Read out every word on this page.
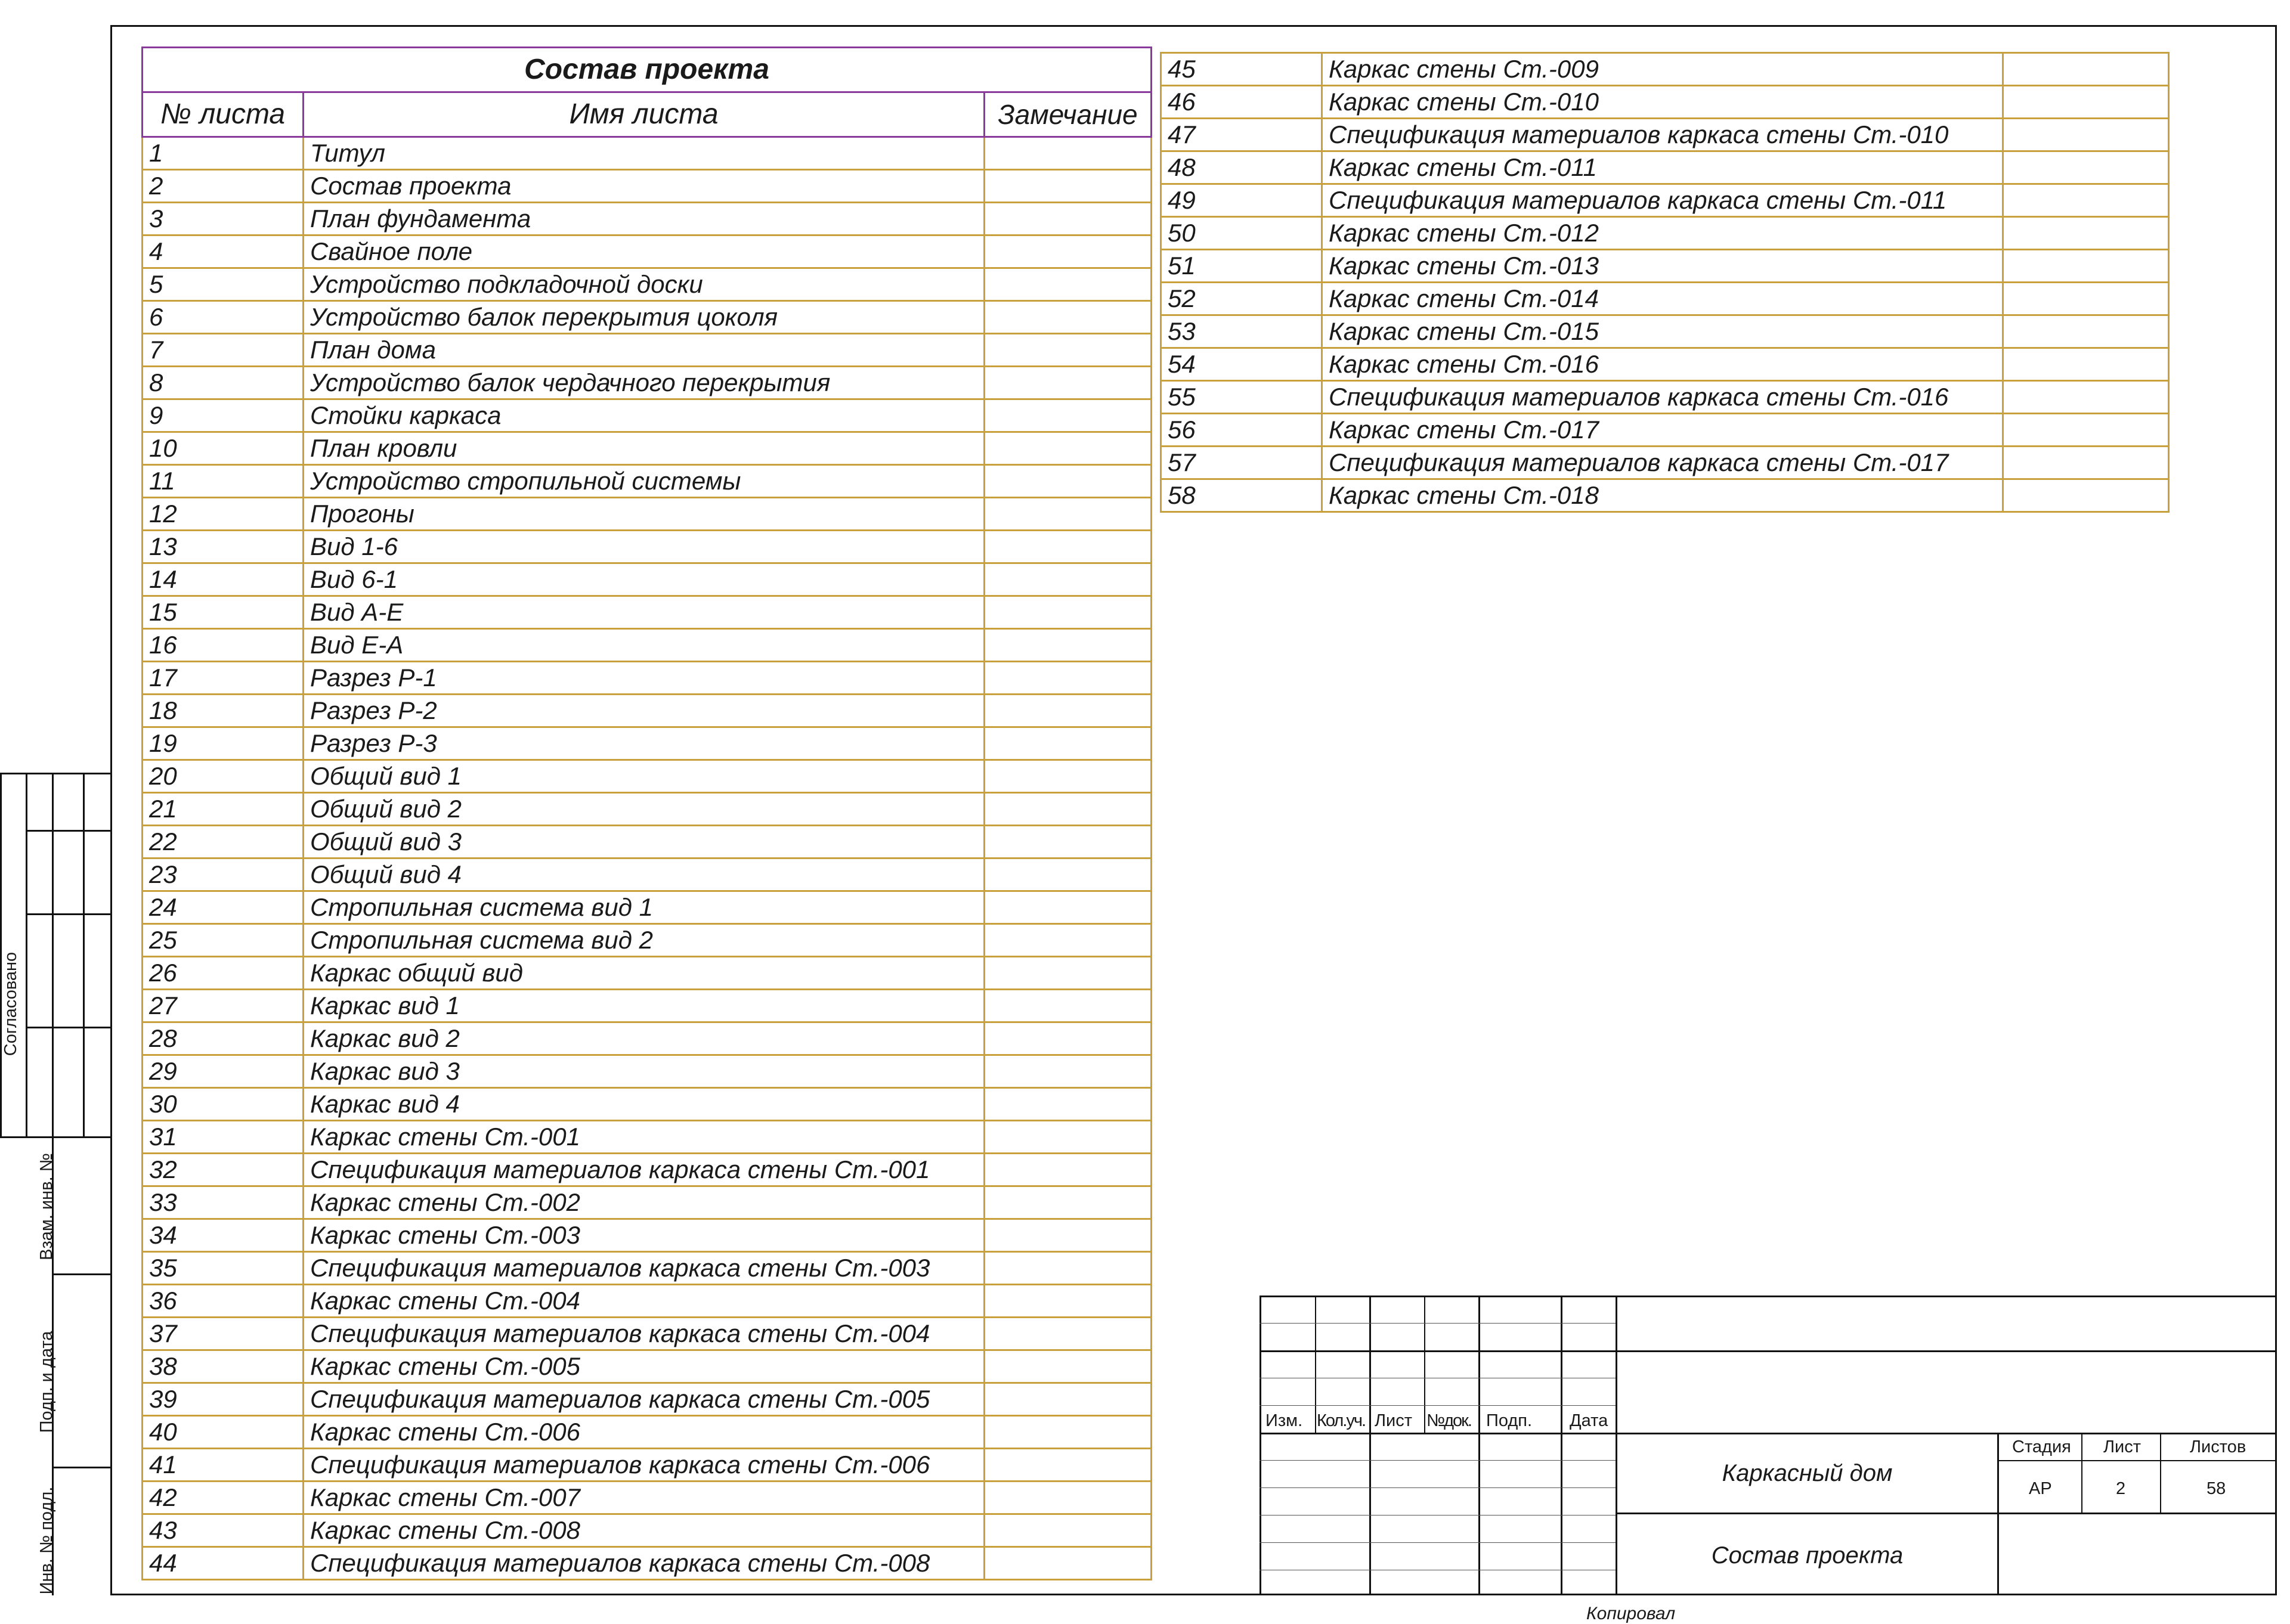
Согласовано
Взам. инв. №
Подп. и дата
Инв. № подл.
Состав проекта		
№ листа	Имя листа	Замечание
1	Титул	
2	Состав проекта	
3	План фундамента	
4	Свайное поле	
5	Устройство подкладочной доски	
6	Устройство балок перекрытия цоколя	
7	План дома	
8	Устройство балок чердачного перекрытия	
9	Стойки каркаса	
10	План кровли	
11	Устройство стропильной системы	
12	Прогоны	
13	Вид 1-6	
14	Вид 6-1	
15	Вид А-Е	
16	Вид Е-А	
17	Разрез Р-1	
18	Разрез Р-2	
19	Разрез Р-3	
20	Общий вид 1	
21	Общий вид 2	
22	Общий вид 3	
23	Общий вид 4	
24	Стропильная система вид 1	
25	Стропильная система вид 2	
26	Каркас общий вид	
27	Каркас вид 1	
28	Каркас вид 2	
29	Каркас вид 3	
30	Каркас вид 4	
31	Каркас стены Ст.-001	
32	Спецификация материалов каркаса стены Ст.-001	
33	Каркас стены Ст.-002	
34	Каркас стены Ст.-003	
35	Спецификация материалов каркаса стены Ст.-003	
36	Каркас стены Ст.-004	
37	Спецификация материалов каркаса стены Ст.-004	
38	Каркас стены Ст.-005	
39	Спецификация материалов каркаса стены Ст.-005	
40	Каркас стены Ст.-006	
41	Спецификация материалов каркаса стены Ст.-006	
42	Каркас стены Ст.-007	
43	Каркас стены Ст.-008	
44	Спецификация материалов каркаса стены Ст.-008	
45	Каркас стены Ст.-009	
46	Каркас стены Ст.-010	
47	Спецификация материалов каркаса стены Ст.-010	
48	Каркас стены Ст.-011	
49	Спецификация материалов каркаса стены Ст.-011	
50	Каркас стены Ст.-012	
51	Каркас стены Ст.-013	
52	Каркас стены Ст.-014	
53	Каркас стены Ст.-015	
54	Каркас стены Ст.-016	
55	Спецификация материалов каркаса стены Ст.-016	
56	Каркас стены Ст.-017	
57	Спецификация материалов каркаса стены Ст.-017	
58	Каркас стены Ст.-018	
Изм. Кол.уч. Лист №док. Подп. Дата
Стадия Лист	Листов
АР	2	58
Каркасный дом
Состав проекта
Копировал
